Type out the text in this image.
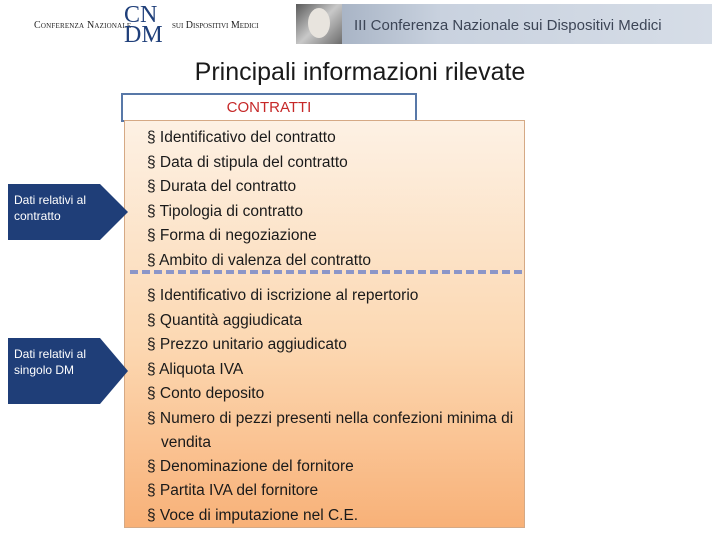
Conferenza Nazionale
CN
DM sui Dispositivi Medici	III Conferenza Nazionale sui Dispositivi Medici
Principali informazioni rilevate
CONTRATTI
§ Identificativo del contratto
§ Data di stipula del contratto
§ Durata del contratto
§ Tipologia di contratto
§ Forma di negoziazione
§ Ambito di valenza del contratto
§ Identificativo di iscrizione al repertorio
§ Quantità aggiudicata
§ Prezzo unitario aggiudicato
§ Aliquota IVA
§ Conto deposito
§ Numero di pezzi presenti nella confezioni minima di vendita
§ Denominazione del fornitore
§ Partita IVA del fornitore
§ Voce di imputazione nel C.E.
Dati relativi al contratto
Dati relativi al singolo DM
